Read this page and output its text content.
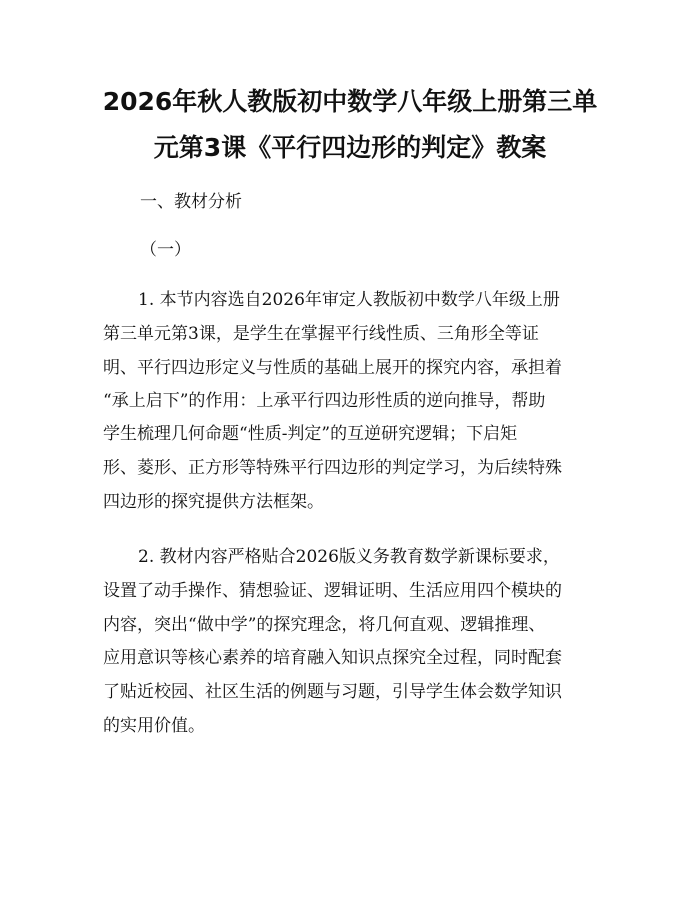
2026年秋人教版初中数学八年级上册第三单
元第3课《平行四边形的判定》教案

一、教材分析

（一）

1. 本节内容选自2026年审定人教版初中数学八年级上册

第三单元第3课，是学生在掌握平行线性质、三角形全等证

明、平行四边形定义与性质的基础上展开的探究内容，承担着

“承上启下”的作用：上承平行四边形性质的逆向推导，帮助

学生梳理几何命题“性质-判定”的互逆研究逻辑；下启矩

形、菱形、正方形等特殊平行四边形的判定学习，为后续特殊

四边形的探究提供方法框架。

2. 教材内容严格贴合2026版义务教育数学新课标要求，

设置了动手操作、猜想验证、逻辑证明、生活应用四个模块的

内容，突出“做中学”的探究理念，将几何直观、逻辑推理、

应用意识等核心素养的培育融入知识点探究全过程，同时配套

了贴近校园、社区生活的例题与习题，引导学生体会数学知识

的实用价值。
